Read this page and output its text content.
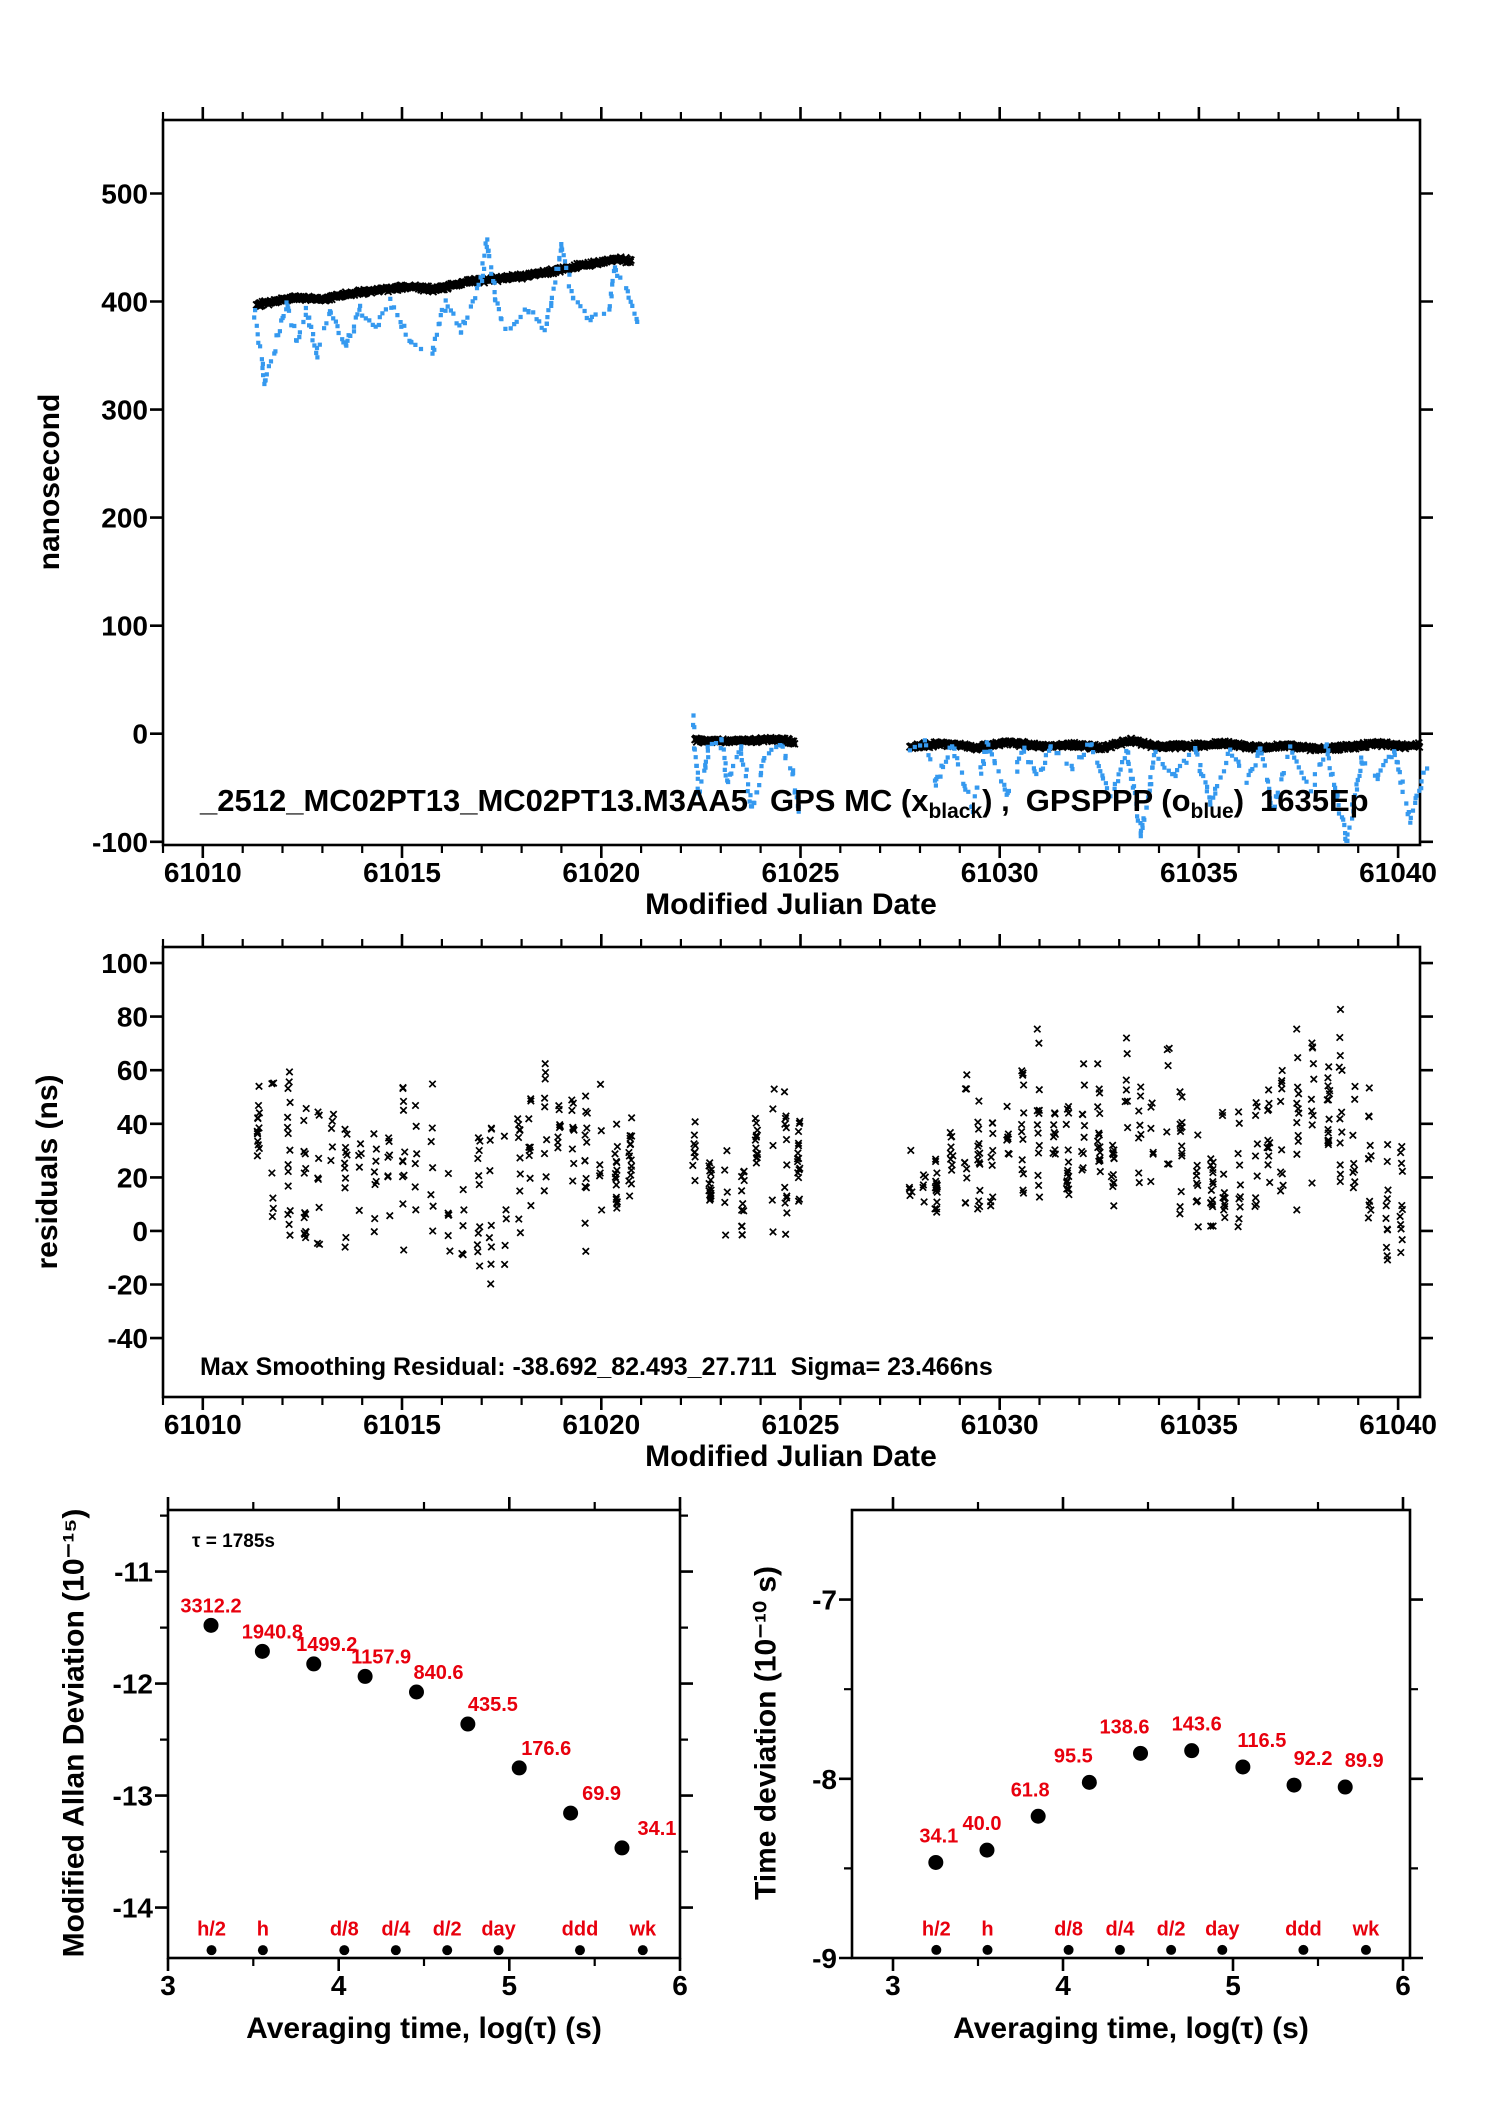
61010	61015	61020	61025	61030	61035	61040
-100
0
100
200
300
400
500
61010	61015	61020	61025	61030	61035	61040
-40
-20
0
20
40
60
80
100
3	4	5	6
-11
-12
-13
-14
3312.2
1940.8
1499.2
1157.9
840.6
435.5
176.6
69.9
34.1
h/2 h	d/8 d/4 d/2 day ddd wk
3	4	5	6
-7
-8
-9
34.1
40.0
61.8
95.5
138.6 143.6
116.5
92.2 89.9
h/2 h	d/8 d/4 d/2 day ddd wk
_2512_MC02PT13_MC02PT13.M3AA5 GPS MC $(x_{black})$ , GPSPPP $(o_{blue})$ 1635Ep
nanosecond
Modified Julian Date
Max Smoothing Residual: -38.692_82.493_27.711  Sigma= 23.466ns
residuals (ns)
Modified Julian Date
τ = 1785s
Modified Allan Deviation (10⁻¹⁵)
Averaging time, log(τ) (s)
Time deviation (10⁻¹⁰ s)
Averaging time, log(τ) (s)
